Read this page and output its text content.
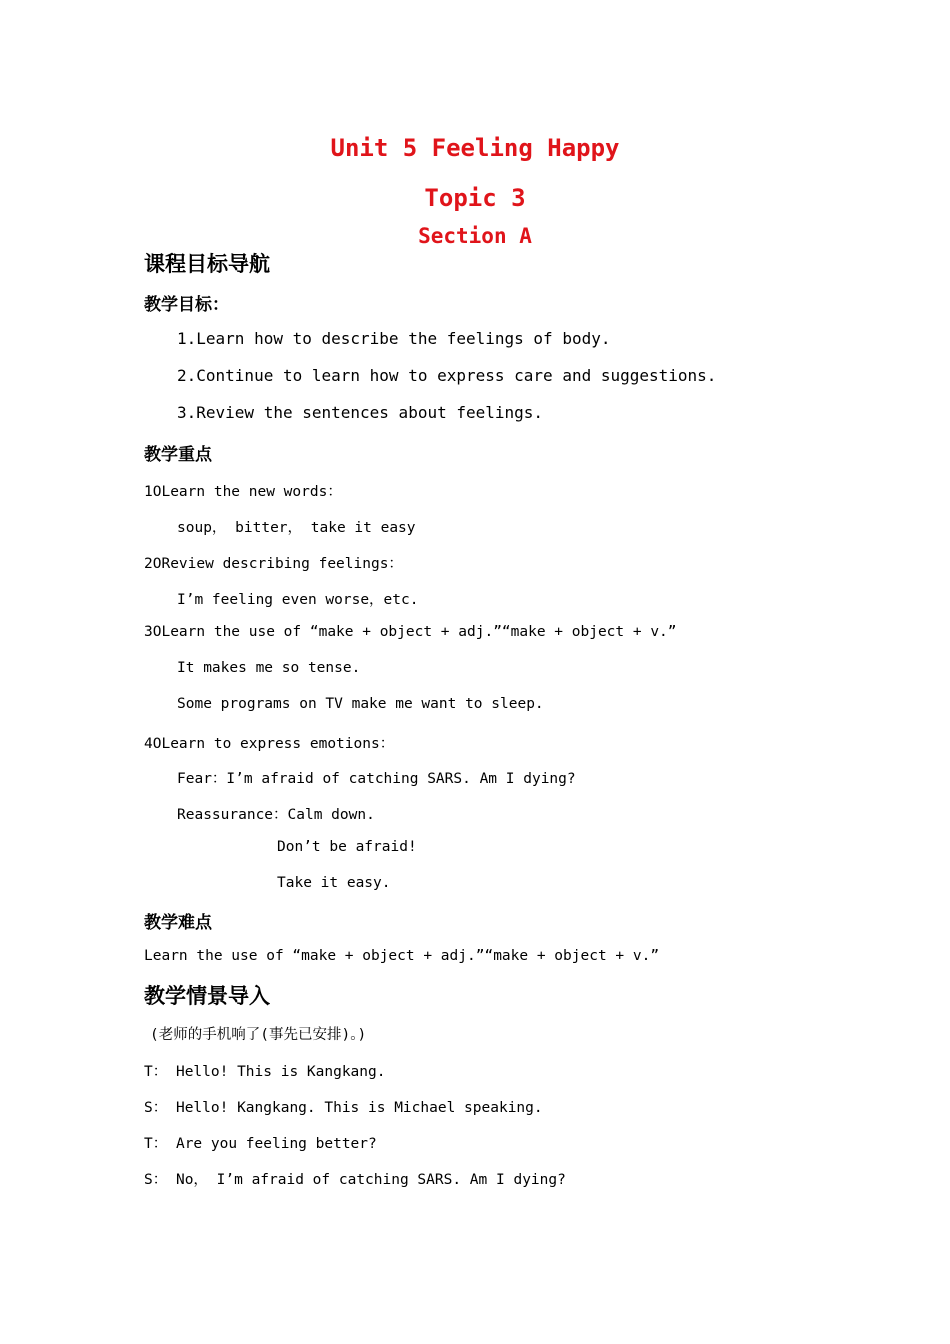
Unit 5 Feeling Happy
Topic 3
Section A
课程目标导航
教学目标：
1.Learn how to describe the feelings of body.
2.Continue to learn how to express care and suggestions.
3.Review the sentences about feelings.
教学重点
1OLearn the new words：
soup， bitter， take it easy
2OReview describing feelings：
I’m feeling even worse，etc.
3OLearn the use of “make + object + adj.”“make + object + v.”
It makes me so tense.
Some programs on TV make me want to sleep.
4OLearn to express emotions：
Fear：I’m afraid of catching SARS. Am I dying?
Reassurance：Calm down.
Don’t be afraid!
Take it easy.
教学难点
Learn the use of “make + object + adj.”“make + object + v.”
教学情景导入
(老师的手机响了(事先已安排)。)
T： Hello! This is Kangkang.
S： Hello! Kangkang. This is Michael speaking.
T： Are you feeling better?
S： No， I’m afraid of catching SARS. Am I dying?
